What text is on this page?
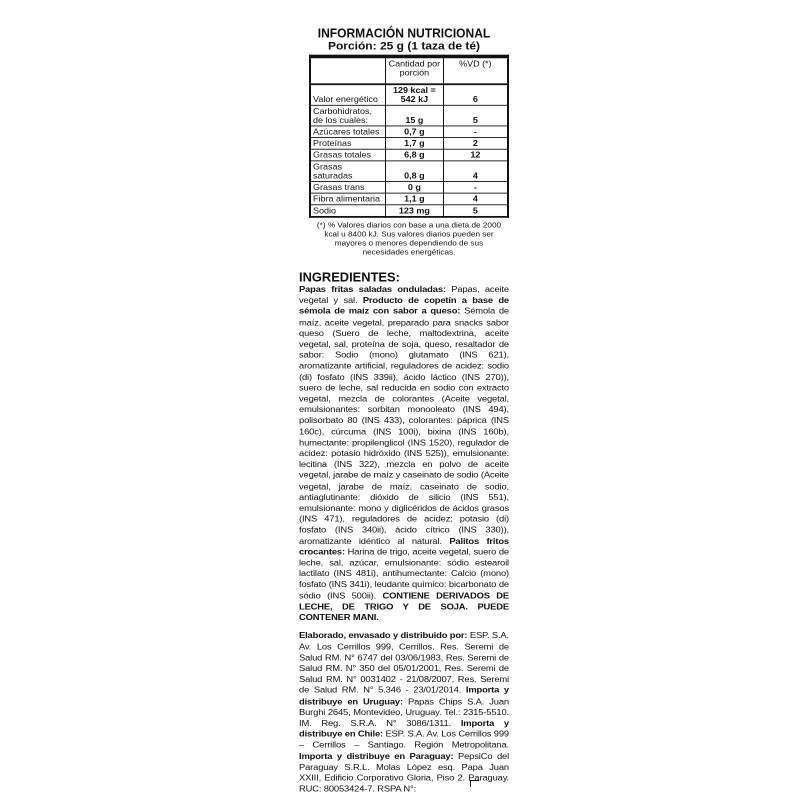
INFORMACIÓN NUTRICIONAL
Porción: 25 g (1 taza de té)
	Cantidad por porción	%VD (*)
Valor energético	129 kcal = 542 kJ	6
Carbohidratos, de los cuales:	15 g	5
Azúcares totales	0,7 g	-
Proteínas	1,7 g	2
Grasas totales	6,8 g	12
Grasas saturadas	0,8 g	4
Grasas trans	0 g	-
Fibra alimentaria	1,1 g	4
Sodio	123 mg	5
(*) % Valores diarios con base a una dieta de 2000 kcal u 8400 kJ. Sus valores diarios pueden ser mayores o menores dependiendo de sus necesidades energéticas.
INGREDIENTES:
Papas fritas saladas onduladas: Papas, aceite vegetal y sal. Producto de copetín a base de sémola de maíz con sabor a queso: Sémola de maíz, aceite vegetal, preparado para snacks sabor queso (Suero de leche, maltodextrina, aceite vegetal, sal, proteína de soja, queso, resaltador de sabor: Sodio (mono) glutamato (INS 621), aromatizante artificial, reguladores de acidez: sodio (di) fosfato (INS 339ii), ácido láctico (INS 270)), suero de leche, sal reducida en sodio con extracto vegetal, mezcla de colorantes (Aceite vegetal, emulsionantes: sorbitan monooleato (INS 494), polisorbato 80 (INS 433), colorantes: páprica (INS 160c), cúrcuma (INS 100i), bixina (INS 160b), humectante: propilenglicol (INS 1520), regulador de acidez: potasio hidróxido (INS 525)), emulsionante: lecitina (INS 322), mezcla en polvo de aceite vegetal, jarabe de maíz y caseinato de sodio (Aceite vegetal, jarabe de maíz, caseinato de sodio, antiaglutinante: dióxido de silicio (INS 551), emulsionante: mono y diglicéridos de ácidos grasos (INS 471), reguladores de acidez: potasio (di) fosfato (INS 340ii), ácido cítrico (INS 330)), aromatizante idéntico al natural. Palitos fritos crocantes: Harina de trigo, aceite vegetal, suero de leche, sal, azúcar, emulsionante: sódio estearoil lactilato (INS 481i), antihumectante: Calcio (mono) fosfato (INS 341i), leudante químico: bicarbonato de sódio (INS 500ii). CONTIENE DERIVADOS DE LECHE, DE TRIGO Y DE SOJA. PUEDE CONTENER MANI.
Elaborado, envasado y distribuido por: ESP. S.A. Av. Los Cerrillos 999, Cerrillos. Res. Seremi de Salud RM. N° 6747 del 03/06/1983, Res. Seremi de Salud RM. N° 350 del 05/01/2001, Res. Seremi de Salud RM. N° 0031402 - 21/08/2007, Res. Seremi de Salud RM. N° 5.346 - 23/01/2014. Importa y distribuye en Uruguay: Papas Chips S.A. Juan Burghi 2645, Montevideo, Uruguay. Tel.: 2315-5510. IM. Reg. S.R.A. N° 3086/1311. Importa y distribuye en Chile: ESP. S.A. Av. Los Cerrillos 999 – Cerrillos – Santiago. Región Metropolitana. Importa y distribuye en Paraguay: PepsiCo del Paraguay S.R.L. Molas López esq. Papa Juan XXIII, Edificio Corporativo Gloria, Piso 2. Paraguay. RUC: 80053424-7. RSPA N°:
